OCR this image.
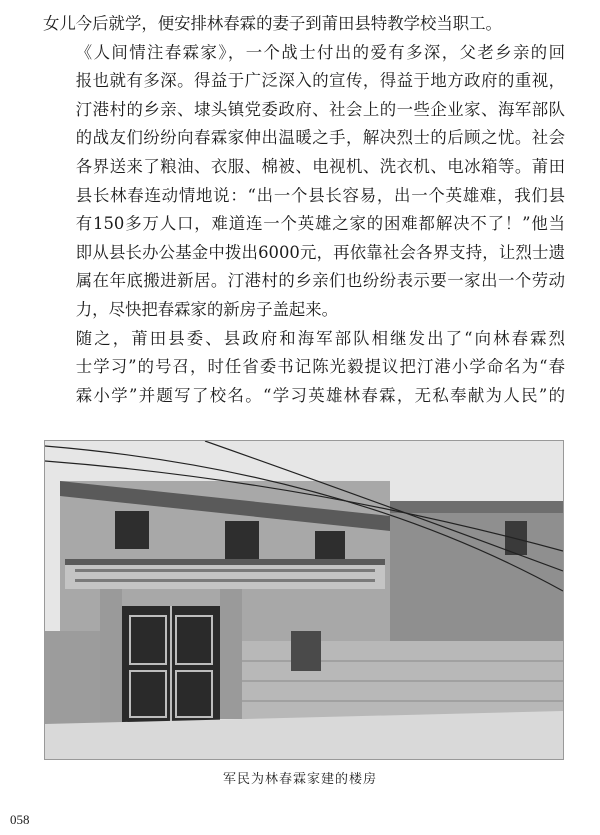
女儿今后就学，便安排林春霖的妻子到莆田县特教学校当职工。

《人间情注春霖家》，一个战士付出的爱有多深，父老乡亲的回
报也就有多深。得益于广泛深入的宣传，得益于地方政府的重视，
汀港村的乡亲、埭头镇党委政府、社会上的一些企业家、海军部队
的战友们纷纷向春霖家伸出温暖之手，解决烈士的后顾之忧。社会
各界送来了粮油、衣服、棉被、电视机、洗衣机、电冰箱等。莆田
县长林春连动情地说：“出一个县长容易，出一个英雄难，我们县
有150多万人口，难道连一个英雄之家的困难都解决不了！”他当
即从县长办公基金中拨出6000元，再依靠社会各界支持，让烈士遗
属在年底搬进新居。汀港村的乡亲们也纷纷表示要一家出一个劳动
力，尽快把春霖家的新房子盖起来。

随之，莆田县委、县政府和海军部队相继发出了“向林春霖烈
士学习”的号召，时任省委书记陈光毅提议把汀港小学命名为“春
霖小学”并题写了校名。“学习英雄林春霖，无私奉献为人民”的

军民为林春霖家建的楼房
058
